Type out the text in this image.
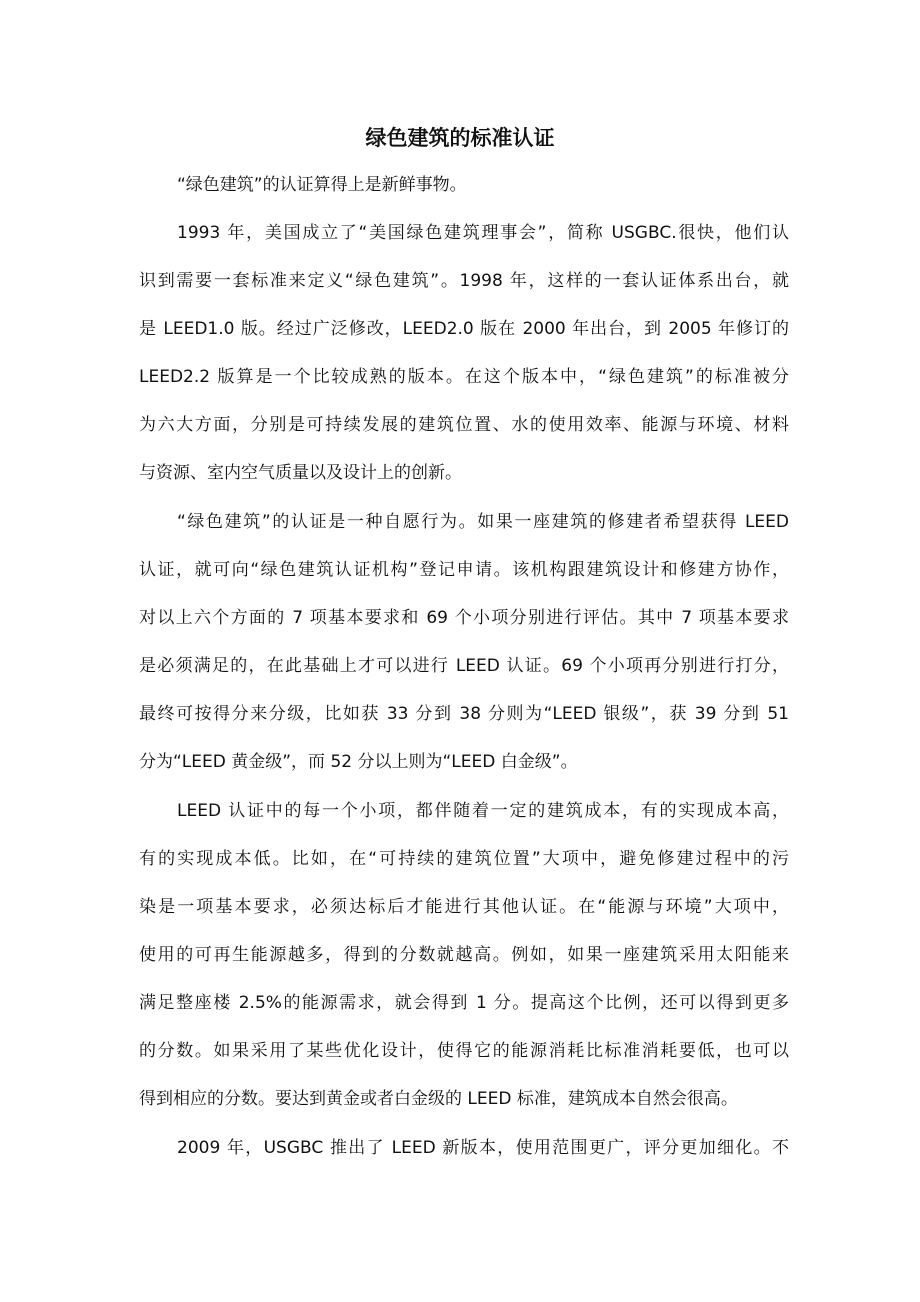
绿色建筑的标准认证

“绿色建筑”的认证算得上是新鲜事物。

1993 年，美国成立了“美国绿色建筑理事会”，简称 USGBC.很快，他们认

识到需要一套标准来定义“绿色建筑”。1998 年，这样的一套认证体系出台，就

是 LEED1.0 版。经过广泛修改，LEED2.0 版在 2000 年出台，到 2005 年修订的

LEED2.2 版算是一个比较成熟的版本。在这个版本中，“绿色建筑”的标准被分

为六大方面，分别是可持续发展的建筑位置、水的使用效率、能源与环境、材料

与资源、室内空气质量以及设计上的创新。

“绿色建筑”的认证是一种自愿行为。如果一座建筑的修建者希望获得 LEED

认证，就可向“绿色建筑认证机构”登记申请。该机构跟建筑设计和修建方协作，

对以上六个方面的 7 项基本要求和 69 个小项分别进行评估。其中 7 项基本要求

是必须满足的，在此基础上才可以进行 LEED 认证。69 个小项再分别进行打分，

最终可按得分来分级，比如获 33 分到 38 分则为“LEED 银级”，获 39 分到 51

分为“LEED 黄金级”，而 52 分以上则为“LEED 白金级”。

LEED 认证中的每一个小项，都伴随着一定的建筑成本，有的实现成本高，

有的实现成本低。比如，在“可持续的建筑位置”大项中，避免修建过程中的污

染是一项基本要求，必须达标后才能进行其他认证。在“能源与环境”大项中，

使用的可再生能源越多，得到的分数就越高。例如，如果一座建筑采用太阳能来

满足整座楼 2.5%的能源需求，就会得到 1 分。提高这个比例，还可以得到更多

的分数。如果采用了某些优化设计，使得它的能源消耗比标准消耗要低，也可以

得到相应的分数。要达到黄金或者白金级的 LEED 标准，建筑成本自然会很高。

2009 年，USGBC 推出了 LEED 新版本，使用范围更广，评分更加细化。不
